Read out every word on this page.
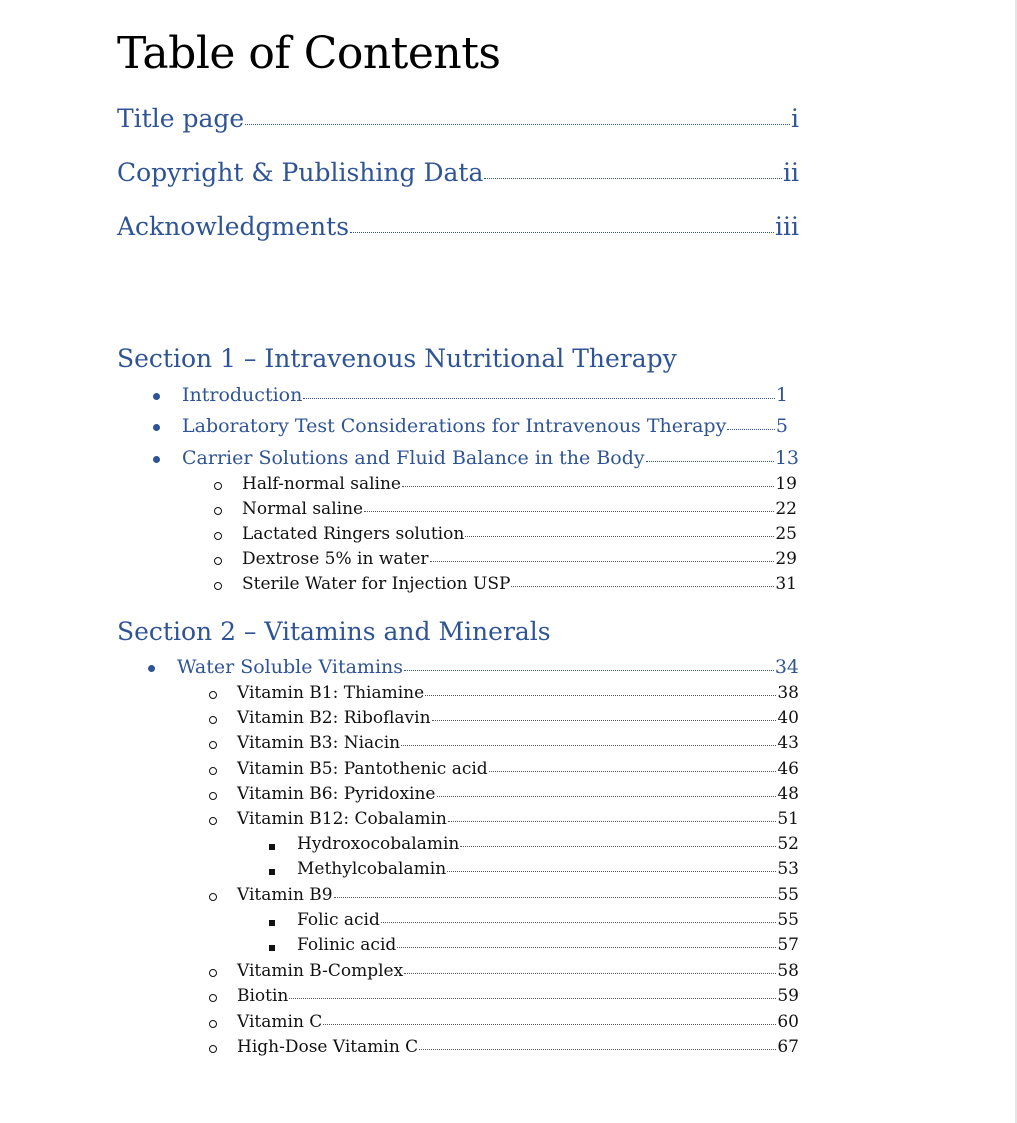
Table of Contents
Title page	i
Copyright & Publishing Data	ii
Acknowledgments	iii
Section 1 – Intravenous Nutritional Therapy
Introduction	1
Laboratory Test Considerations for Intravenous Therapy	5
Carrier Solutions and Fluid Balance in the Body	13
Half-normal saline	19
Normal saline	22
Lactated Ringers solution	25
Dextrose 5% in water	29
Sterile Water for Injection USP	31
Section 2 – Vitamins and Minerals
Water Soluble Vitamins	34
Vitamin B1: Thiamine	38
Vitamin B2: Riboflavin	40
Vitamin B3: Niacin	43
Vitamin B5: Pantothenic acid	46
Vitamin B6: Pyridoxine	48
Vitamin B12: Cobalamin	51
Hydroxocobalamin	52
Methylcobalamin	53
Vitamin B9	55
Folic acid	55
Folinic acid	57
Vitamin B-Complex	58
Biotin	59
Vitamin C	60
High-Dose Vitamin C	67
